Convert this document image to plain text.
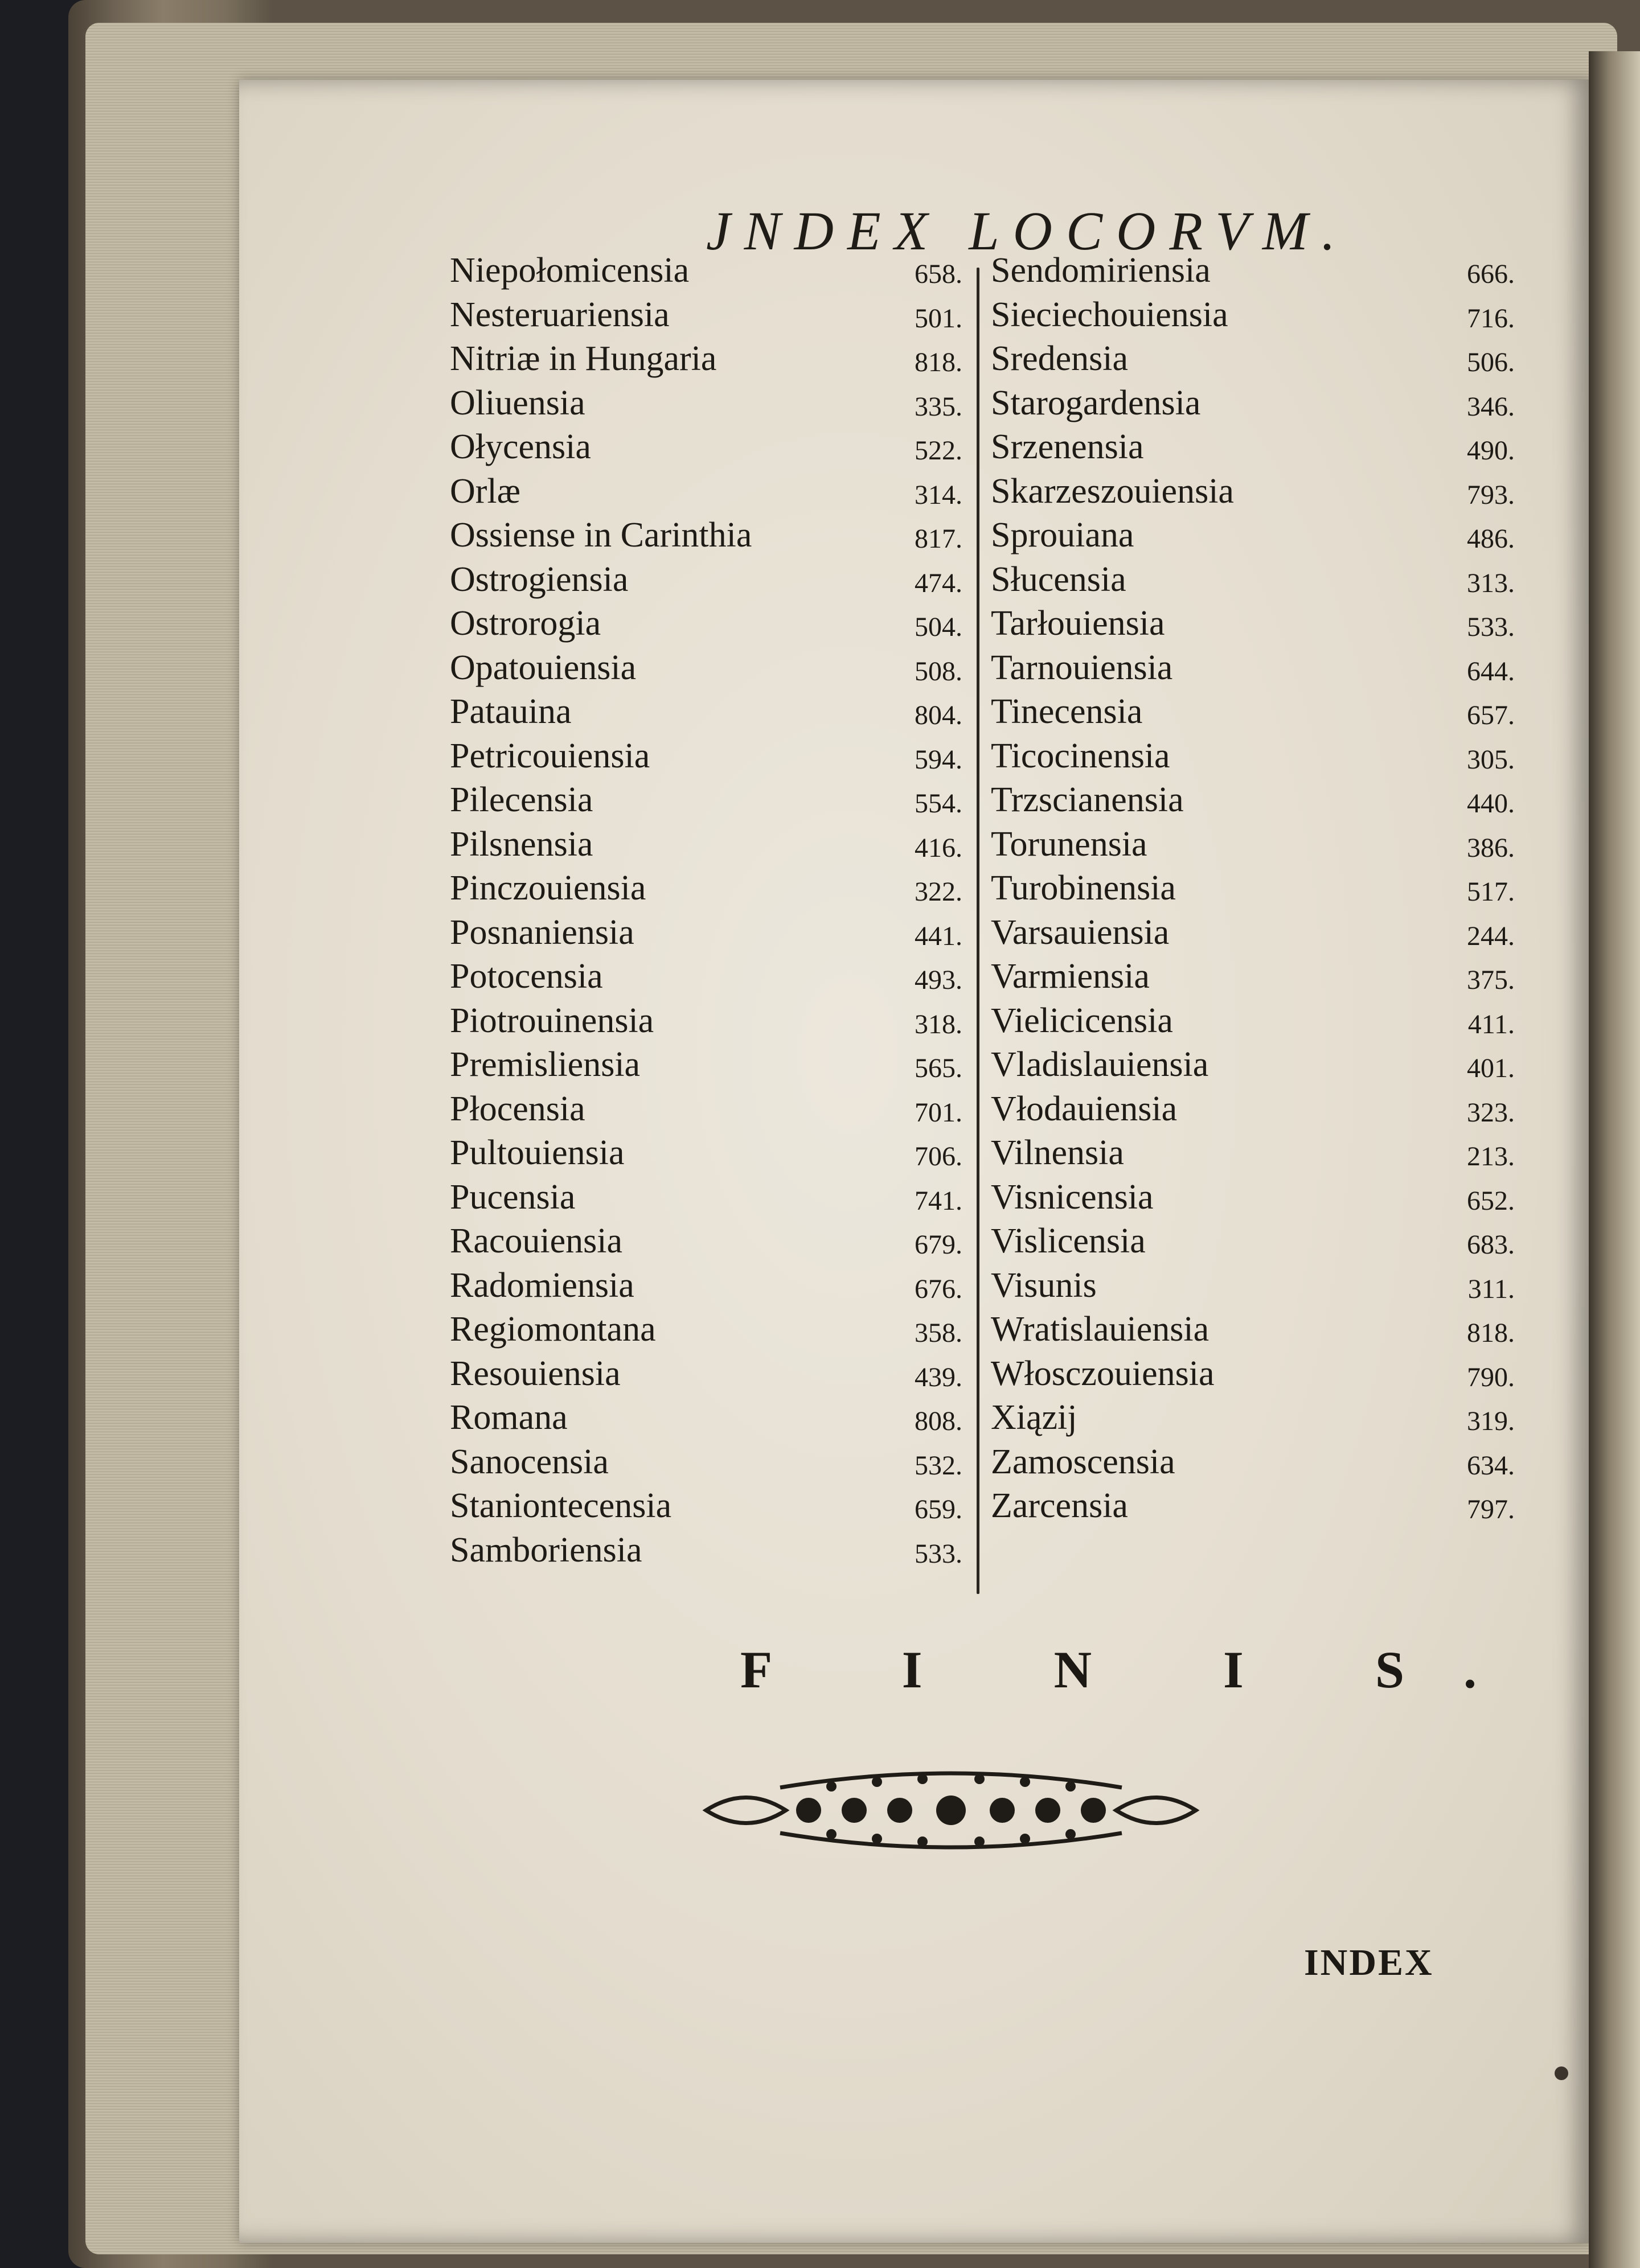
JNDEX LOCORVM.
Niepołomicensia	658.
Nesteruariensia	501.
Nitriæ in Hungaria	818.
Oliuensia	335.
Ołycensia	522.
Orlæ	314.
Ossiense in Carinthia	817.
Ostrogiensia	474.
Ostrorogia	504.
Opatouiensia	508.
Patauina	804.
Petricouiensia	594.
Pilecensia	554.
Pilsnensia	416.
Pinczouiensia	322.
Posnaniensia	441.
Potocensia	493.
Piotrouinensia	318.
Premisliensia	565.
Płocensia	701.
Pultouiensia	706.
Pucensia	741.
Racouiensia	679.
Radomiensia	676.
Regiomontana	358.
Resouiensia	439.
Romana	808.
Sanocensia	532.
Staniontecensia	659.
Samboriensia	533.
Sendomiriensia	666.
Sieciechouiensia	716.
Sredensia	506.
Starogardensia	346.
Srzenensia	490.
Skarzeszouiensia	793.
Sprouiana	486.
Słucensia	313.
Tarłouiensia	533.
Tarnouiensia	644.
Tinecensia	657.
Ticocinensia	305.
Trzscianensia	440.
Torunensia	386.
Turobinensia	517.
Varsauiensia	244.
Varmiensia	375.
Vielicicensia	411.
Vladislauiensia	401.
Vłodauiensia	323.
Vilnensia	213.
Visnicensia	652.
Vislicensia	683.
Visunis	311.
Wratislauiensia	818.
Włosczouiensia	790.
Xiązij	319.
Zamoscensia	634.
Zarcensia	797.
F I N I S.
INDEX
